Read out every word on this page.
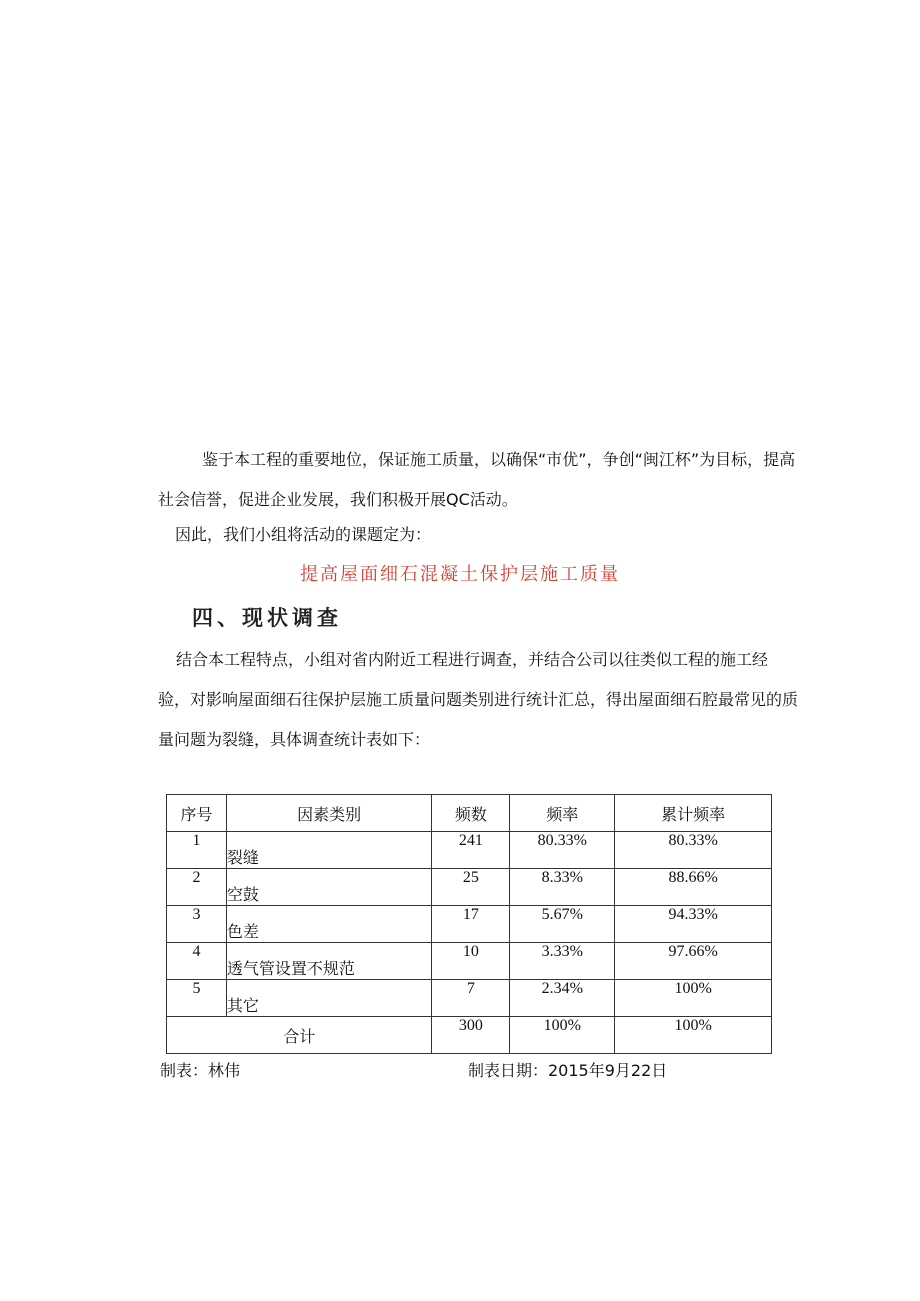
鉴于本工程的重要地位，保证施工质量，以确保“市优”，争创“闽江杯”为目标，提高社会信誉，促进企业发展，我们积极开展QC活动。

因此，我们小组将活动的课题定为：

提高屋面细石混凝土保护层施工质量

四、现状调查

结合本工程特点，小组对省内附近工程进行调查，并结合公司以往类似工程的施工经验，对影响屋面细石往保护层施工质量问题类别进行统计汇总，得出屋面细石腔最常见的质量问题为裂缝，具体调查统计表如下：

序号	因素类别	频数	频率	累计频率
1	裂缝	241	80.33%	80.33%
2	空鼓	25	8.33%	88.66%
3	色差	17	5.67%	94.33%
4	透气管设置不规范	10	3.33%	97.66%
5	其它	7	2.34%	100%
合计		300	100%	100%

制表：林伟	制表日期：2015年9月22日
